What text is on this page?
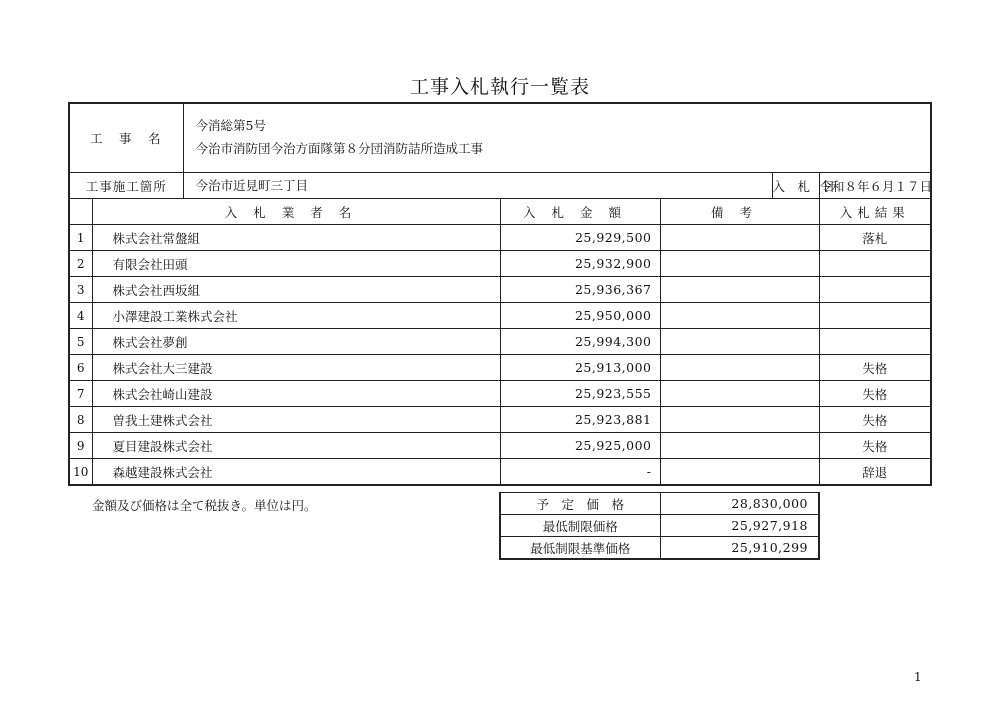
工事入札執行一覧表
工　事　名		今消総第5号
今治市消防団今治方面隊第８分団消防詰所造成工事				

工事施工箇所		今治市近見町三丁目			入　札　日	令和８年６月１７日
	入札業者名		入札金額	備考		入札結果
1	株式会社常盤組		25,929,500			落札
2	有限会社田頭		25,932,900			
3	株式会社西坂組		25,936,367			
4	小澤建設工業株式会社		25,950,000			
5	株式会社夢創		25,994,300			
6	株式会社大三建設		25,913,000			失格
7	株式会社崎山建設		25,923,555			失格
8	曽我土建株式会社		25,923,881			失格
9	夏目建設株式会社		25,925,000			失格
10	森越建設株式会社		-			辞退
金額及び価格は全て税抜き。単位は円。	予　定　価　格	28,830,000
最低制限価格	25,927,918
最低制限基準価格	25,910,299
1
